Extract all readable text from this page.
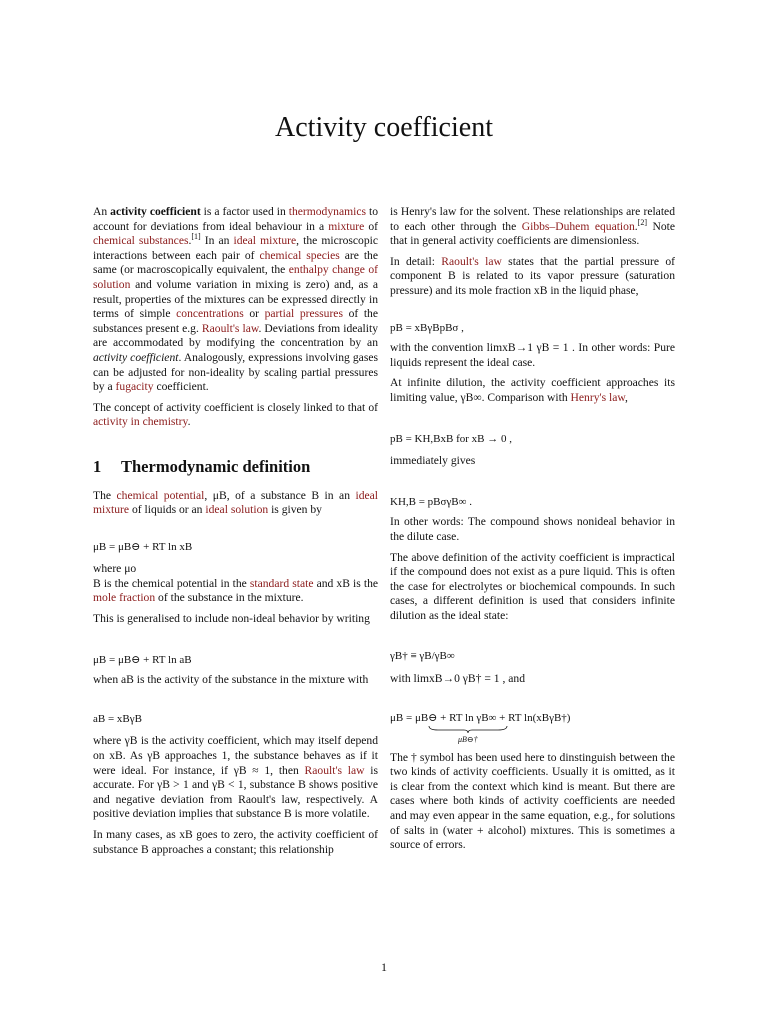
Activity coefficient

An activity coefficient is a factor used in thermodynamics to account for deviations from ideal behaviour in a mixture of chemical substances.[1] In an ideal mixture, the microscopic interactions between each pair of chemical species are the same (or macroscopically equivalent, the enthalpy change of solution and volume variation in mixing is zero) and, as a result, properties of the mixtures can be expressed directly in terms of simple concentrations or partial pressures of the substances present e.g. Raoult's law. Deviations from ideality are accommodated by modifying the concentration by an activity coefficient. Analogously, expressions involving gases can be adjusted for non-ideality by scaling partial pressures by a fugacity coefficient.

The concept of activity coefficient is closely linked to that of activity in chemistry.

1 Thermodynamic definition

The chemical potential, μB, of a substance B in an ideal mixture of liquids or an ideal solution is given by

μB = μB⊖ + RT ln xB

where μo
B is the chemical potential in the standard state and xB is the mole fraction of the substance in the mixture.

This is generalised to include non-ideal behavior by writing

μB = μB⊖ + RT ln aB

when aB is the activity of the substance in the mixture with

aB = xBγB

where γB is the activity coefficient, which may itself depend on xB. As γB approaches 1, the substance behaves as if it were ideal. For instance, if γB ≈ 1, then Raoult's law is accurate. For γB > 1 and γB < 1, substance B shows positive and negative deviation from Raoult's law, respectively. A positive deviation implies that substance B is more volatile.

In many cases, as xB goes to zero, the activity coefficient of substance B approaches a constant; this relationship

is Henry's law for the solvent. These relationships are related to each other through the Gibbs–Duhem equation.[2] Note that in general activity coefficients are dimensionless.

In detail: Raoult's law states that the partial pressure of component B is related to its vapor pressure (saturation pressure) and its mole fraction xB in the liquid phase,

pB = xBγBpBσ ,

with the convention limxB→1 γB = 1 . In other words: Pure liquids represent the ideal case.

At infinite dilution, the activity coefficient approaches its limiting value, γB∞. Comparison with Henry's law,

pB = KH,BxB for xB → 0 ,

immediately gives

KH,B = pBσγB∞ .

In other words: The compound shows nonideal behavior in the dilute case.

The above definition of the activity coefficient is impractical if the compound does not exist as a pure liquid. This is often the case for electrolytes or biochemical compounds. In such cases, a different definition is used that considers infinite dilution as the ideal state:

γB† ≡ γB/γB∞

with limxB→0 γB† = 1 , and

μB = μB⊖ + RT ln γB∞ + RT ln(xBγB†)
μB⊖†

The † symbol has been used here to dinstinguish between the two kinds of activity coefficients. Usually it is omitted, as it is clear from the context which kind is meant. But there are cases where both kinds of activity coefficients are needed and may even appear in the same equation, e.g., for solutions of salts in (water + alcohol) mixtures. This is sometimes a source of errors.

1
